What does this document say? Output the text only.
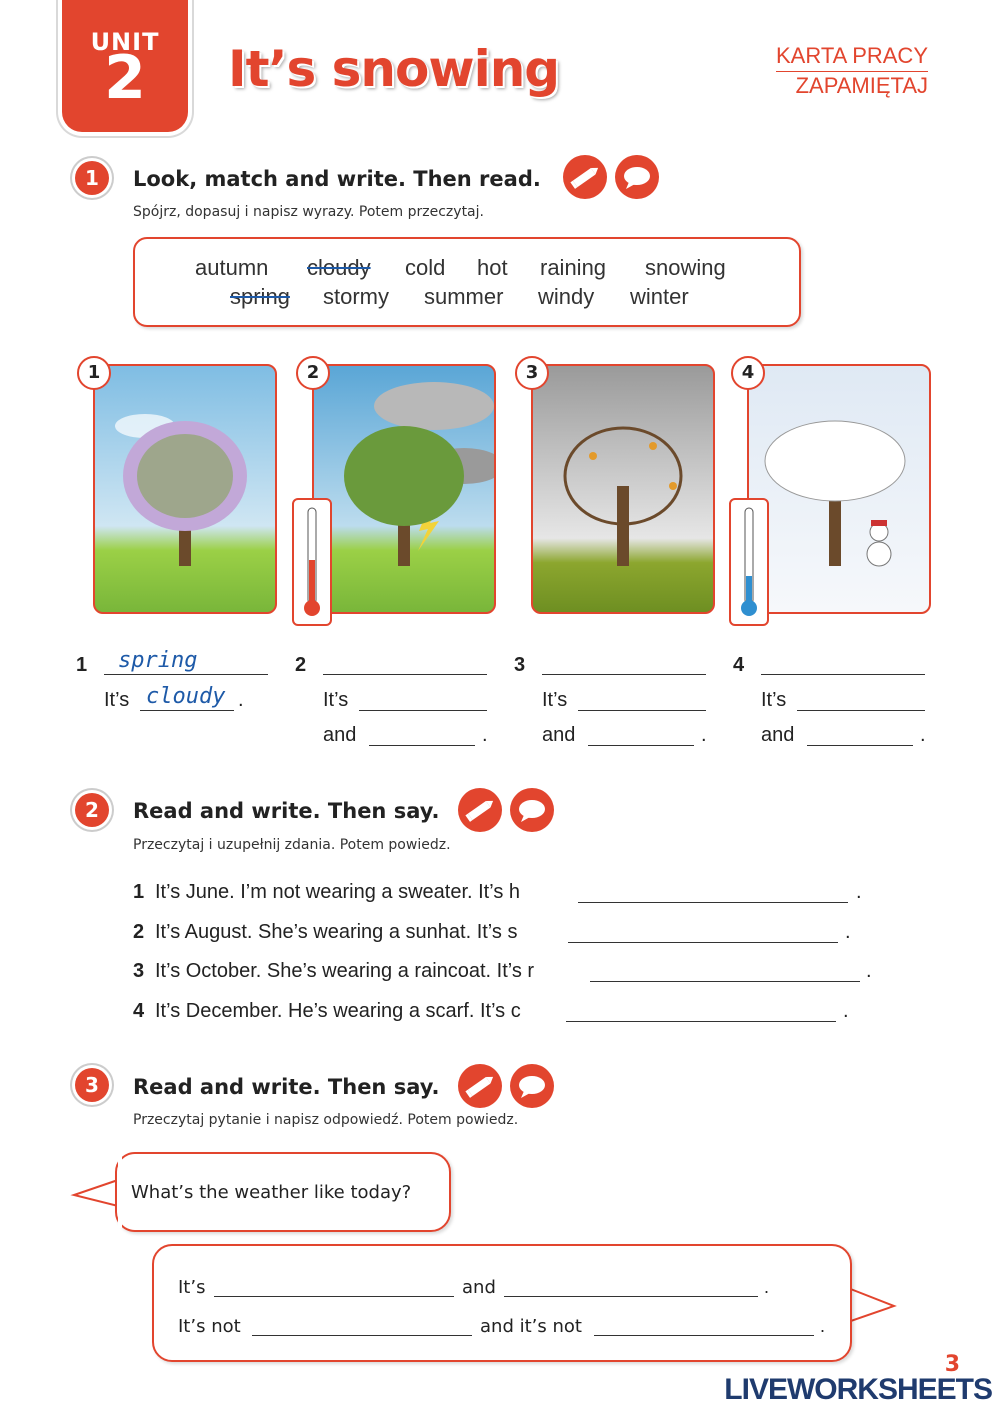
UNIT
2	It’s snowing	KARTA PRACY
ZAPAMIĘTAJ
1	Look, match and write. Then read.
Spójrz, dopasuj i napisz wyrazy. Potem przeczytaj.
autumn cloudy cold hot raining snowing
spring stormy summer windy winter
1	2	3	4
1 spring
It’s cloudy .
2
It’s
and	.
3
It’s
and	.
4
It’s
and	.
2	Read and write. Then say.
Przeczytaj i uzupełnij zdania. Potem powiedz.
1 It’s June. I’m not wearing a sweater. It’s h	.
2 It’s August. She’s wearing a sunhat. It’s s	.
3 It’s October. She’s wearing a raincoat. It’s r	.
4 It’s December. He’s wearing a scarf. It’s c	.
3	Read and write. Then say.
Przeczytaj pytanie i napisz odpowiedź. Potem powiedz.
What’s the weather like today?
It’s	and	.
It’s not	and it’s not	.
3
LIVEWORKSHEETS
